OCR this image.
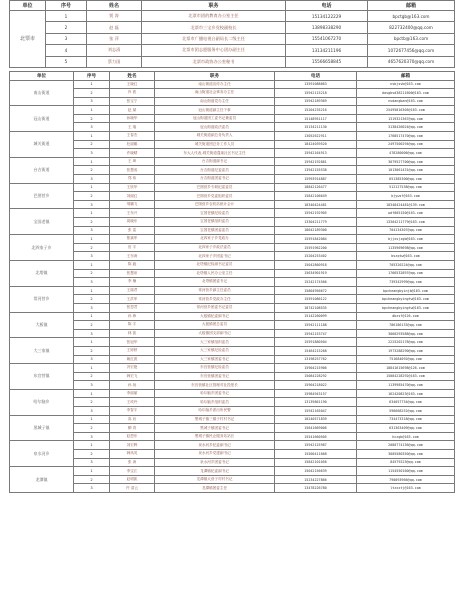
单位	序号	姓名	职务	电话	邮箱
北票市	1	贾 涛	北票市团的教育办公室主任	15134122229	bpctgb@163.com
	2	赵 磊	北票市三宝乡党校副校长	13898338290	822732400@qq.com
	3	张 萍	北票市广播电视台副局长二级主任	15541067270	bpctb@163.com
	4	刘志清	北票市团志愿服务中心团办副主任	13134211196	1072677456@qq.com
	5	蔡力国	北票市政协办公室秘书	15566658845	4657620370@qq.com
单位	序号	姓名	职务	电话	邮箱
南山街道	1	王晓红	南山街道宣传办主任	13591088863	nsbjsvb@163.com
	2	肖 波	南山街道社会事务办主任	15942115218	dasgbsd38211600@163.com
	3	张宝宁	南山街道党办主任	15942189369	nsdangban@163.com
冠山街道	1	赵 斌	冠山街道副主任干事	15204235216	25495816305@163.com
	2	孙晓华	冠山街道团工委书记兼委员	15148951117	1319321367@qq.com
	3	王 瑞	冠山街道政法委员	15134211130	3138426024@qq.com
城关街道	1	王春杰	城关街道副总务负责人	13052622911	1768517470@qq.com
	2	杜丽娜	城关街道团总务工作人员	18424039520	2497500294@qq.com
	3	许晓晴	东大人代表,城关街道蓬莱社区书记主任	15942164913	478280006@qq.com
台吉街道	1	王 琦	台吉街道副书记	15942192881	3079527700@qq.com
	2	张慧成	台吉街道纪委委员	13942155538	1013061431@qq.com
	3	郑 伟	台吉街道团委书记	15993914887	651385300@qq.com
巴图营乡	1	王欣华	巴图营乡专职纪委委员	18842126477	512127538@qq.com
	2	刘丽红	巴图营乡党委组织委员	15842106649	bjywsf@163.com
	3	靖鹏飞	巴图营乡农机站统计会计	18340424481	18340424481@139.com
宝国老镇	1	王东兴	宝国老镇纪检委员	15942192905	wdf005150@163.com
	2	周晓东	宝国老镇组织委员	13304211779	13304211779@163.com
	3	张 雷	宝国老镇团委委员	18642189300	704134307@qq.com
北四家子乡	1	焦斌军	北四家子乡党政办	15591842084	bjjxsjzgb@163.com
	2	田 宇	北四家子乡政法委员	15591962200	1135969698@qq.com
	3	王东涛	北四家子乡团委书记	15204253402	bszqtw@163.com
北塔镇	1	陈 毅	北塔镇纪检副书记委员	15042860918	705320224@qq.com
	2	张慧泉	北塔镇人民办公室主任	15634901919	1766532897@qq.com
	3	李 楠	北塔镇团委书记	15242174566	739342999@qq.com
常河营乡	1	王瑞君	常河营乡副主任委员	15804956672	bpcheangbyinjb@163.com
	2	王洪军	常河营乡党政办主任	15591086122	bpcheangbyingtw@163.com
	3	张思君	常河营乡团委书记委员	18742108535	bpcheangbyingtw@163.com
大板镇	1	孙 珍	大板镇纪委副书记	15142260099	dbzsf@126.com
	2	陈 宇	大板镇团总委员	15942111188	786186133@qq.com
	3	林 凯	大板镇团支部副书记	15942153747	3060293588@qq.com
大三家镇	1	张冠华	大三家镇组织委员	15591880504	2225202178@qq.com
	2	王婷婷	大三家镇纪检委员	15464215268	1973288290@qq.com
	3	朝红波	大三家镇团委书记	13198257762	751684092@qq.com
东官营镇	1	冯宏艳	东官营镇纪检委员	15904215906	18841615698@126.com
	2	韩宏飞	东官营镇团委书记	15084228292	15084228292@163.com
	3	孙 扬	东官营镇社区管理对社投报长	15904218022	1139985470@qq.com
哈尔脑乡	1	李丽丽	哈尔脑乡团委书记	15984943157	162420823@163.com
	2	王玫玲	哈尔脑乡组织委员	13139861190	634057734@qq.com
	3	李智宇	哈尔脑乡派出所民警	15942165047	596668252@qq.com
黑城子镇	1	高 岩	黑城子镇三镇子村村书记	18240571839	734473318@qq.com
	2	柳 青	黑城子镇团委书记	15641669006	631363409@qq.com
	3	赵恩东	黑城子镇民企服务站站长	15541660505	hczgb@163.com
泉水河乡	1	刘宏辉	泉水河乡纪委副书记	15942125987	2080774136@qq.com
	2	韩凤英	泉水河乡党建副书记	15500411668	3005580350@qq.com
	3	张 涛	泉水河乡团委书记	15842101056	84579223@qq.com
龙潭镇	1	李宝江	龙潭镇纪委副书记	15042156639	1154550160@qq.com
	2	赵明凯	龙潭镇大营子村村书记	15234227866	790093966@qq.com
	3	许 清云	龙潭镇团委主任	13478226780	ltzxxtj@163.com
